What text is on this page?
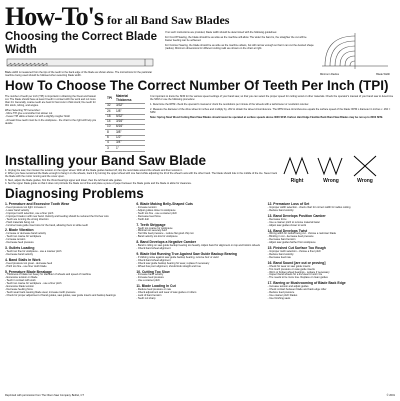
How-To's for all Band Saw Blades
Choosing the Correct Blade Width
Blade width is measured from the tips of the teeth to the back edge of the blade as shown above. The instructions for the particular machine being used should be followed when selecting blade width.
If no such instructions are provided, blade width should be determined with the following guidelines:
For Cut-Off Sawing, the blade should be as wide as the machine will allow. The wider the band is, the straighter the cut will be. Faster feeding can be achieved.
For Contour Sawing, the blade should be as wide as the machine allows, but still narrow enough so that it can cut the desired shape (radius). Minimum dimensions for different cutting radii are shown on the chart at right.
Minimum Radius	Blade Width
How To Choose The Correct Number Of Teeth Per Inch (TPI)
The number of teeth per inch (TPI) is important in obtaining the finest and fastest cut. The blade should have at least 3 teeth in contact with the work and not more than 24. Generally, coarse teeth are best for fast cuts in thick stock; fine teeth for thin stock, tubing, and angles.
When Selecting TPI remember:
- More TPI give a smoother but slower cut
- Fewer TPI allow a faster cut with a slightly rougher finish
- At least three teeth must be in the workpiece - the chart to the right will help you decide
TPI	Material Thickness
32	3/32"
24	1/8"
18	5/32"
14	3/16"
10	6/16"
8	3/8"
6	1/2"
4	3/4"
3	1"
It is important to know the SFM for the various speed settings of your band saw, so that you can select the proper speed for cutting wood or other materials. Check the operator's manual of your band saw to determine the SFM or use the following procedure:
1. Determine the RPM: check the operator's manual or clock the revolutions per minute of the wheels with a tachometer or revolution counter.
2. Measure the diameter of the drive wheel in inches and multiply by .262 to obtain the wheel circumference. The RPM times circumference equals the surface speed of the blade: RPM x diameter in inches x .262 = SFM
Note: Spring Steel Wood Cutting Band Saw Blades should never be operated at surface speeds above 3000 SFM. Carbon Hard Edge Flexible Back Band Saw Blades may be run up to 8000 SFM.
Installing your Band Saw Blade
1. Unplug the saw, then loosen the tension on the upper wheel. With all the blade guides backed off, slip the new blade around the wheels and then tension it.
2. When you have tensioned the blade enough to hang it on the wheels, track it by turning the upper wheel with one hand while adjusting the tilt of the wheel's axis with the other hand. The blade should ride in the middle of the tire. Never track the blade with the motor running and the cover open.
3. Next, adjust the blade guides, first the thrust bearings upper and lower, then the left hand side guides.
4. Set the upper blade guide so that it does not protrude the blade out of line and place a piece of paper between the blade guide and the blade to allow for clearance.	Right	Wrong	Wrong
Diagnosing Problems
1. Premature and Excessive Tooth Wear
- Feed pressure too light: increase it
- Lower band velocity
- Improper tooth selection, use a finer pitch
- Improper break-in with new band. Velocity and feeding should be reduced the first few cuts
- Teeth are running the wrong direction
- Hard materials being cut
- Incorrect saw guide insert size for the band, allowing them to strike teeth
2. Blade Vibration
- Increase or decrease band velocity
- Teeth too coarse for workpiece
- Increase tension
- Decrease feed pressure
3. Gullets Loading
- Teeth too fine for workpiece - use a coarser pitch
- Decrease band velocity
4. Band Stalls in Work
- Feed pressure too great - decrease feed
- Pitch too fine - use finer tooth blade
5. Premature Blade Breakage
- Thickness of blade too heavy for diameter of wheels and speed of machine
- Excessive tension on blade
- Teeth in contact with work
- Teeth too coarse for workpiece - use a finer pitch
- Excessive blade tension
- Decrease feeding force
- Teeth wear back causing blade wear, increase tooth pressure
- Check for proper adjustment of band guides, saw guides, saw guide inserts and backup bearings
6. Blade Making Belly-Shaped Cuts
- Increase tension
- Adjust guides closer to workpiece
- Teeth too fine - use a coarser pitch
- Decrease feed force
- Tooth dull
7. Teeth Strippage
- Teeth too coarse for workpiece
- Minimal not severely held
- Too little feed pressure - reduce flat good chip run
- Band velocity too low for workpiece
8. Band Develops a Negative Camber
- Band is riding on saw guide backup bearing too heavily. Adjust band for alignment on top and bottom wheels
- Check band wheel alignment
9. Blade Not Running True Against Saw Guide Backup Bearing
- If clicking noise against saw guide backup bearing, remove burr or weld
- Check band wheel alignment
- Check saw guide backup bearing for wear, replace if necessary
- Wheel has poor alignment, should look straight and true
10. Cutting Too Slow
- Increase band velocity
- Increase feed pressure
- Use a coarser pitch
11. Blade Loading In Cut
- Reduce feed pressure or rate
- Check adjustment and wear of saw guides or rollers
- Lack of band tension
- Teeth not sharp
12. Premature Loss of Set
- Improper width selection - check chart for correct width for radius cutting
- Reduce band velocity
13. Band Develops Position Camber
- Decrease force
- Use a coarser pitch to remove material faster
- Adjust saw guides closer to work
14. Band Develops Twist
- Wrong width for radius being cut - choose a narrower blade
- Binding in cut - decrease feed pressure
- Decrease band tension
- Adjust saw guides farther from workpiece
15. Finished Cut Surface Too Rough
- Improper tooth selection - choose a finer pitch
- Reduce band velocity
- Decrease feed rate
16. Band Sound [are out or proving]
- Check for wear on saw guide inserts
- Too much pressure on saw guide inserts
- Worn or broken wheel bearings - replace if necessary
- Inspect band wheels for a tire wear or worn tire
- Tire needs to be more true. Replace or clean guides
17. Barring or Mushrooming of Blade Back Edge
- Increase tension and adjust guides
- Check contact between blade and back edge roller
- Reduce feed pressure
- Use coarser pitch blades
- Use finishing saws
Reprinted with permission from The Olson Saw Company Bethel, CT	© 2001
